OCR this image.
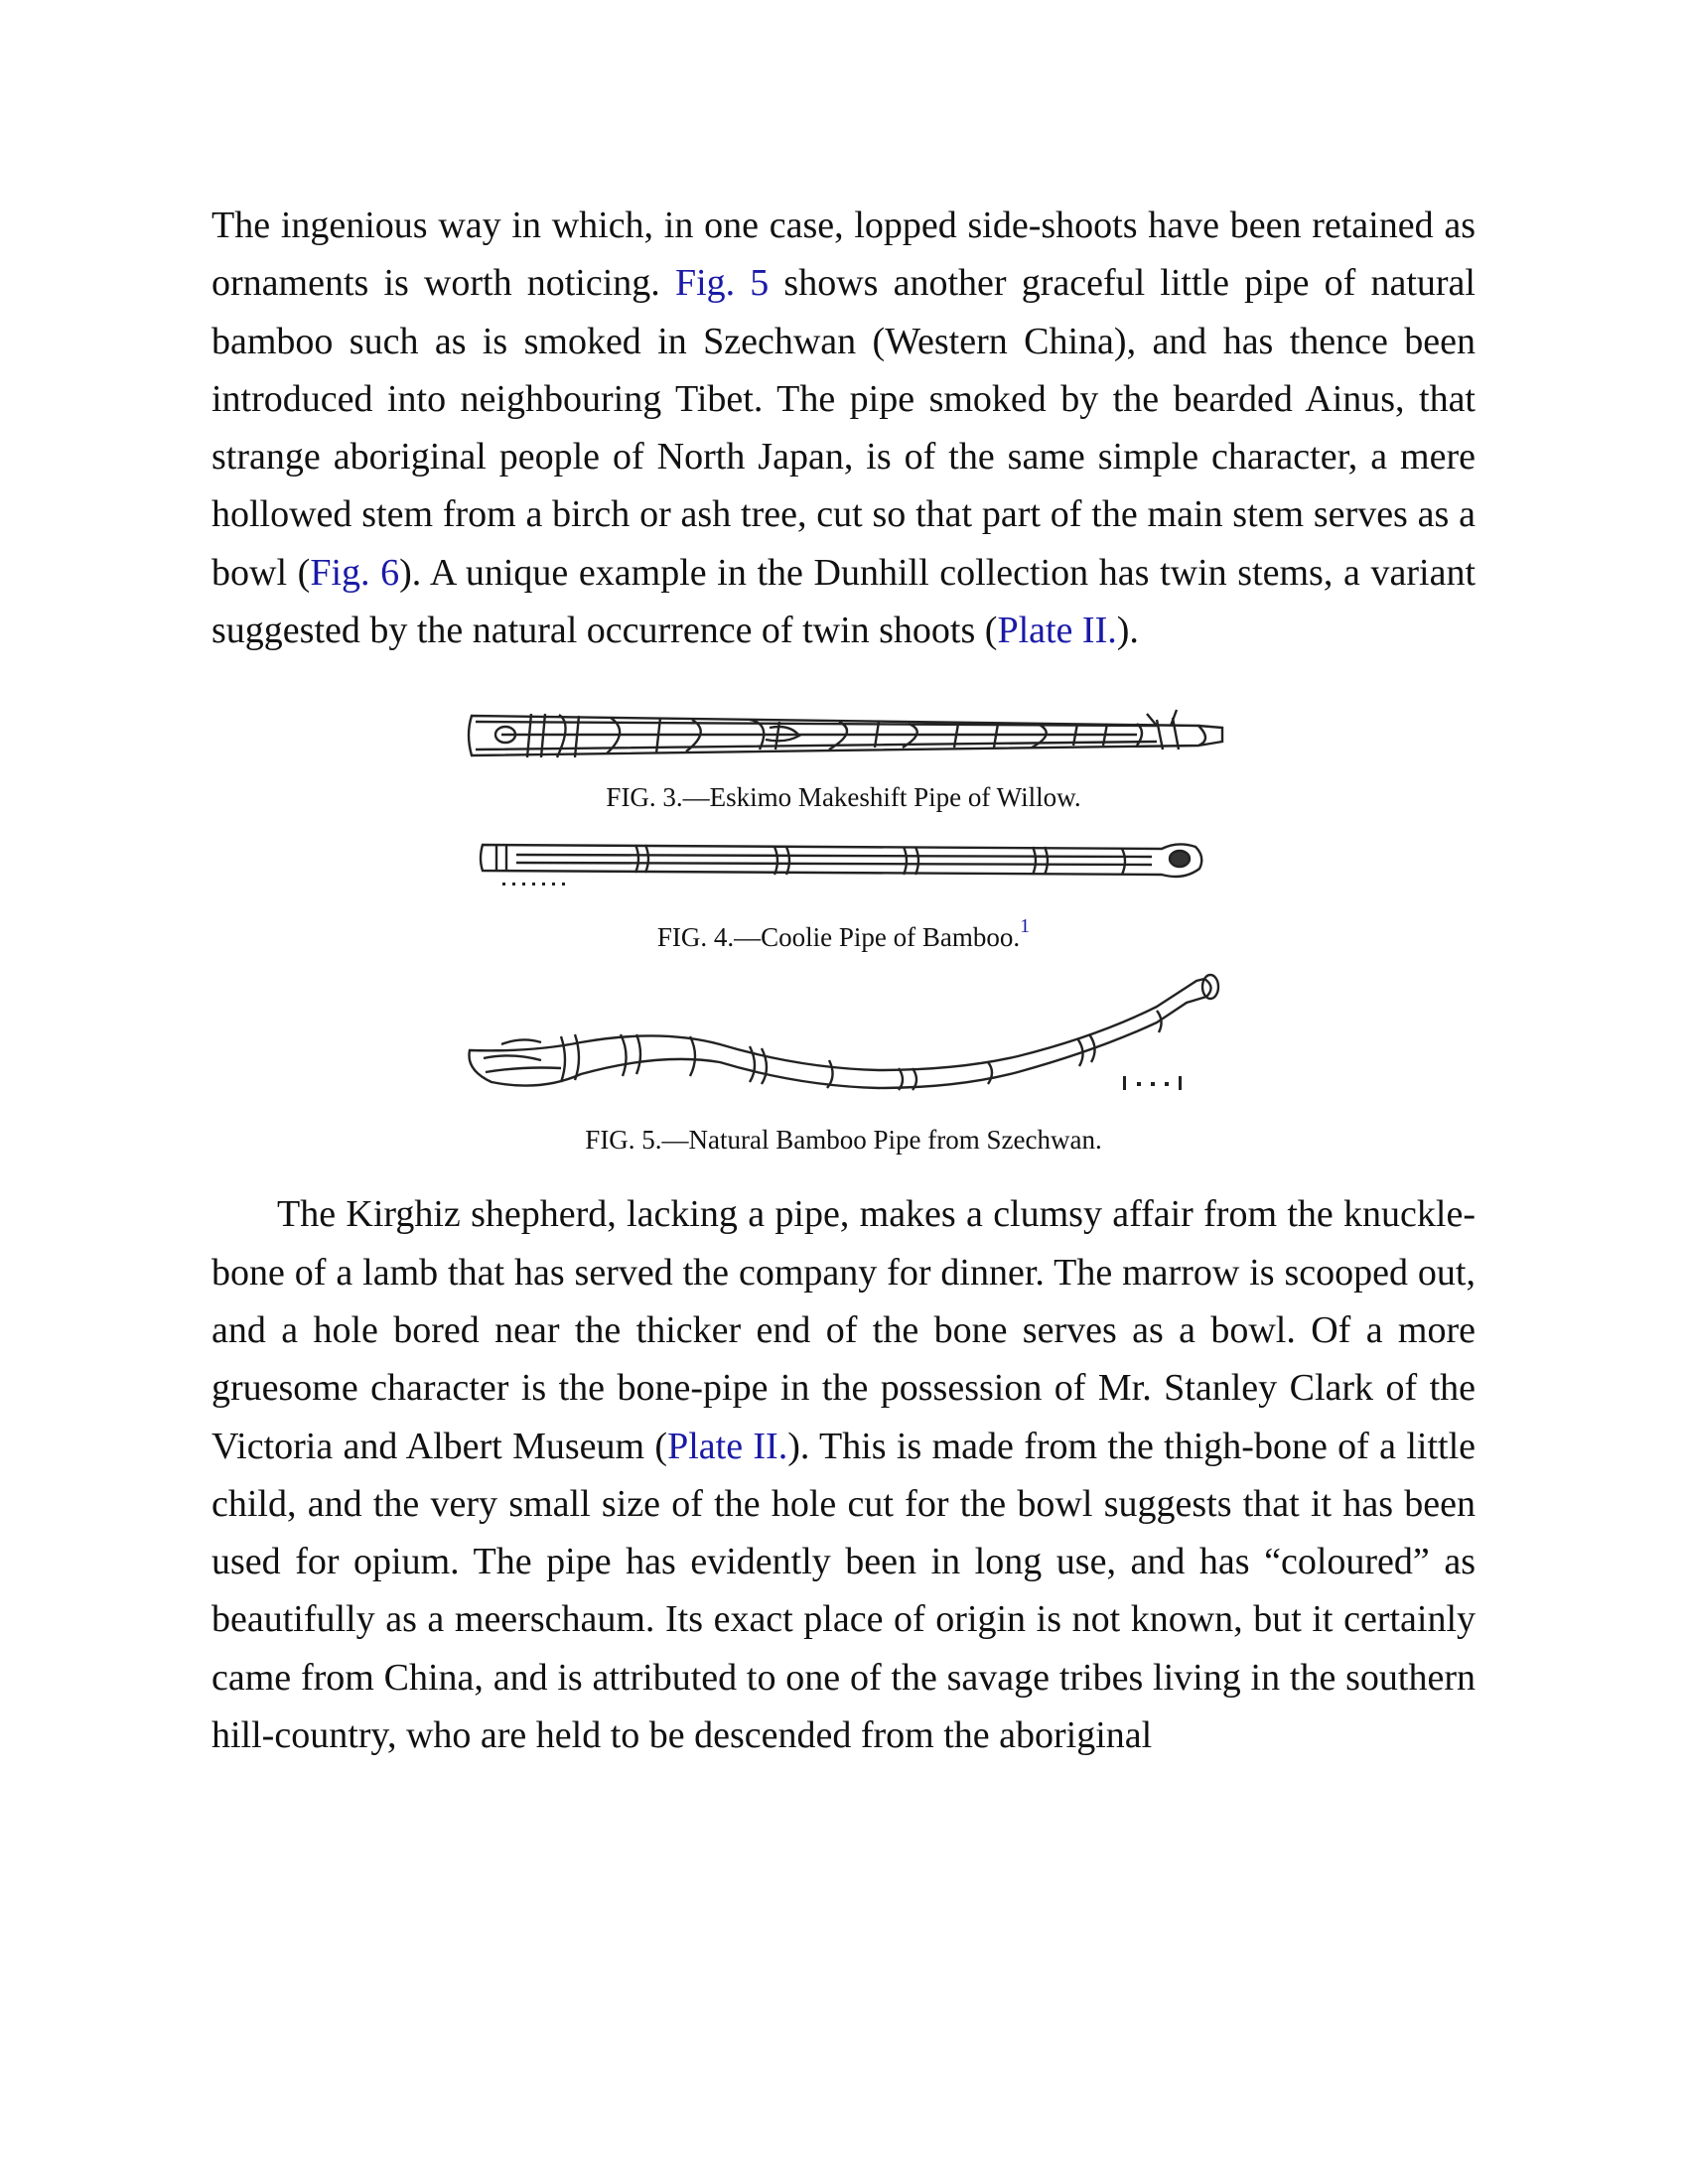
The ingenious way in which, in one case, lopped side-shoots have been retained as ornaments is worth noticing. Fig. 5 shows another graceful little pipe of natural bamboo such as is smoked in Szechwan (Western China), and has thence been introduced into neighbouring Tibet. The pipe smoked by the bearded Ainus, that strange aboriginal people of North Japan, is of the same simple character, a mere hollowed stem from a birch or ash tree, cut so that part of the main stem serves as a bowl (Fig. 6). A unique example in the Dunhill collection has twin stems, a variant suggested by the natural occurrence of twin shoots (Plate II.).

FIG. 3.—Eskimo Makeshift Pipe of Willow.
FIG. 4.—Coolie Pipe of Bamboo.$^1$
FIG. 5.—Natural Bamboo Pipe from Szechwan.

The Kirghiz shepherd, lacking a pipe, makes a clumsy affair from the knuckle-bone of a lamb that has served the company for dinner. The marrow is scooped out, and a hole bored near the thicker end of the bone serves as a bowl. Of a more gruesome character is the bone-pipe in the possession of Mr. Stanley Clark of the Victoria and Albert Museum (Plate II.). This is made from the thigh-bone of a little child, and the very small size of the hole cut for the bowl suggests that it has been used for opium. The pipe has evidently been in long use, and has “coloured” as beautifully as a meerschaum. Its exact place of origin is not known, but it certainly came from China, and is attributed to one of the savage tribes living in the southern hill-country, who are held to be descended from the aboriginal
